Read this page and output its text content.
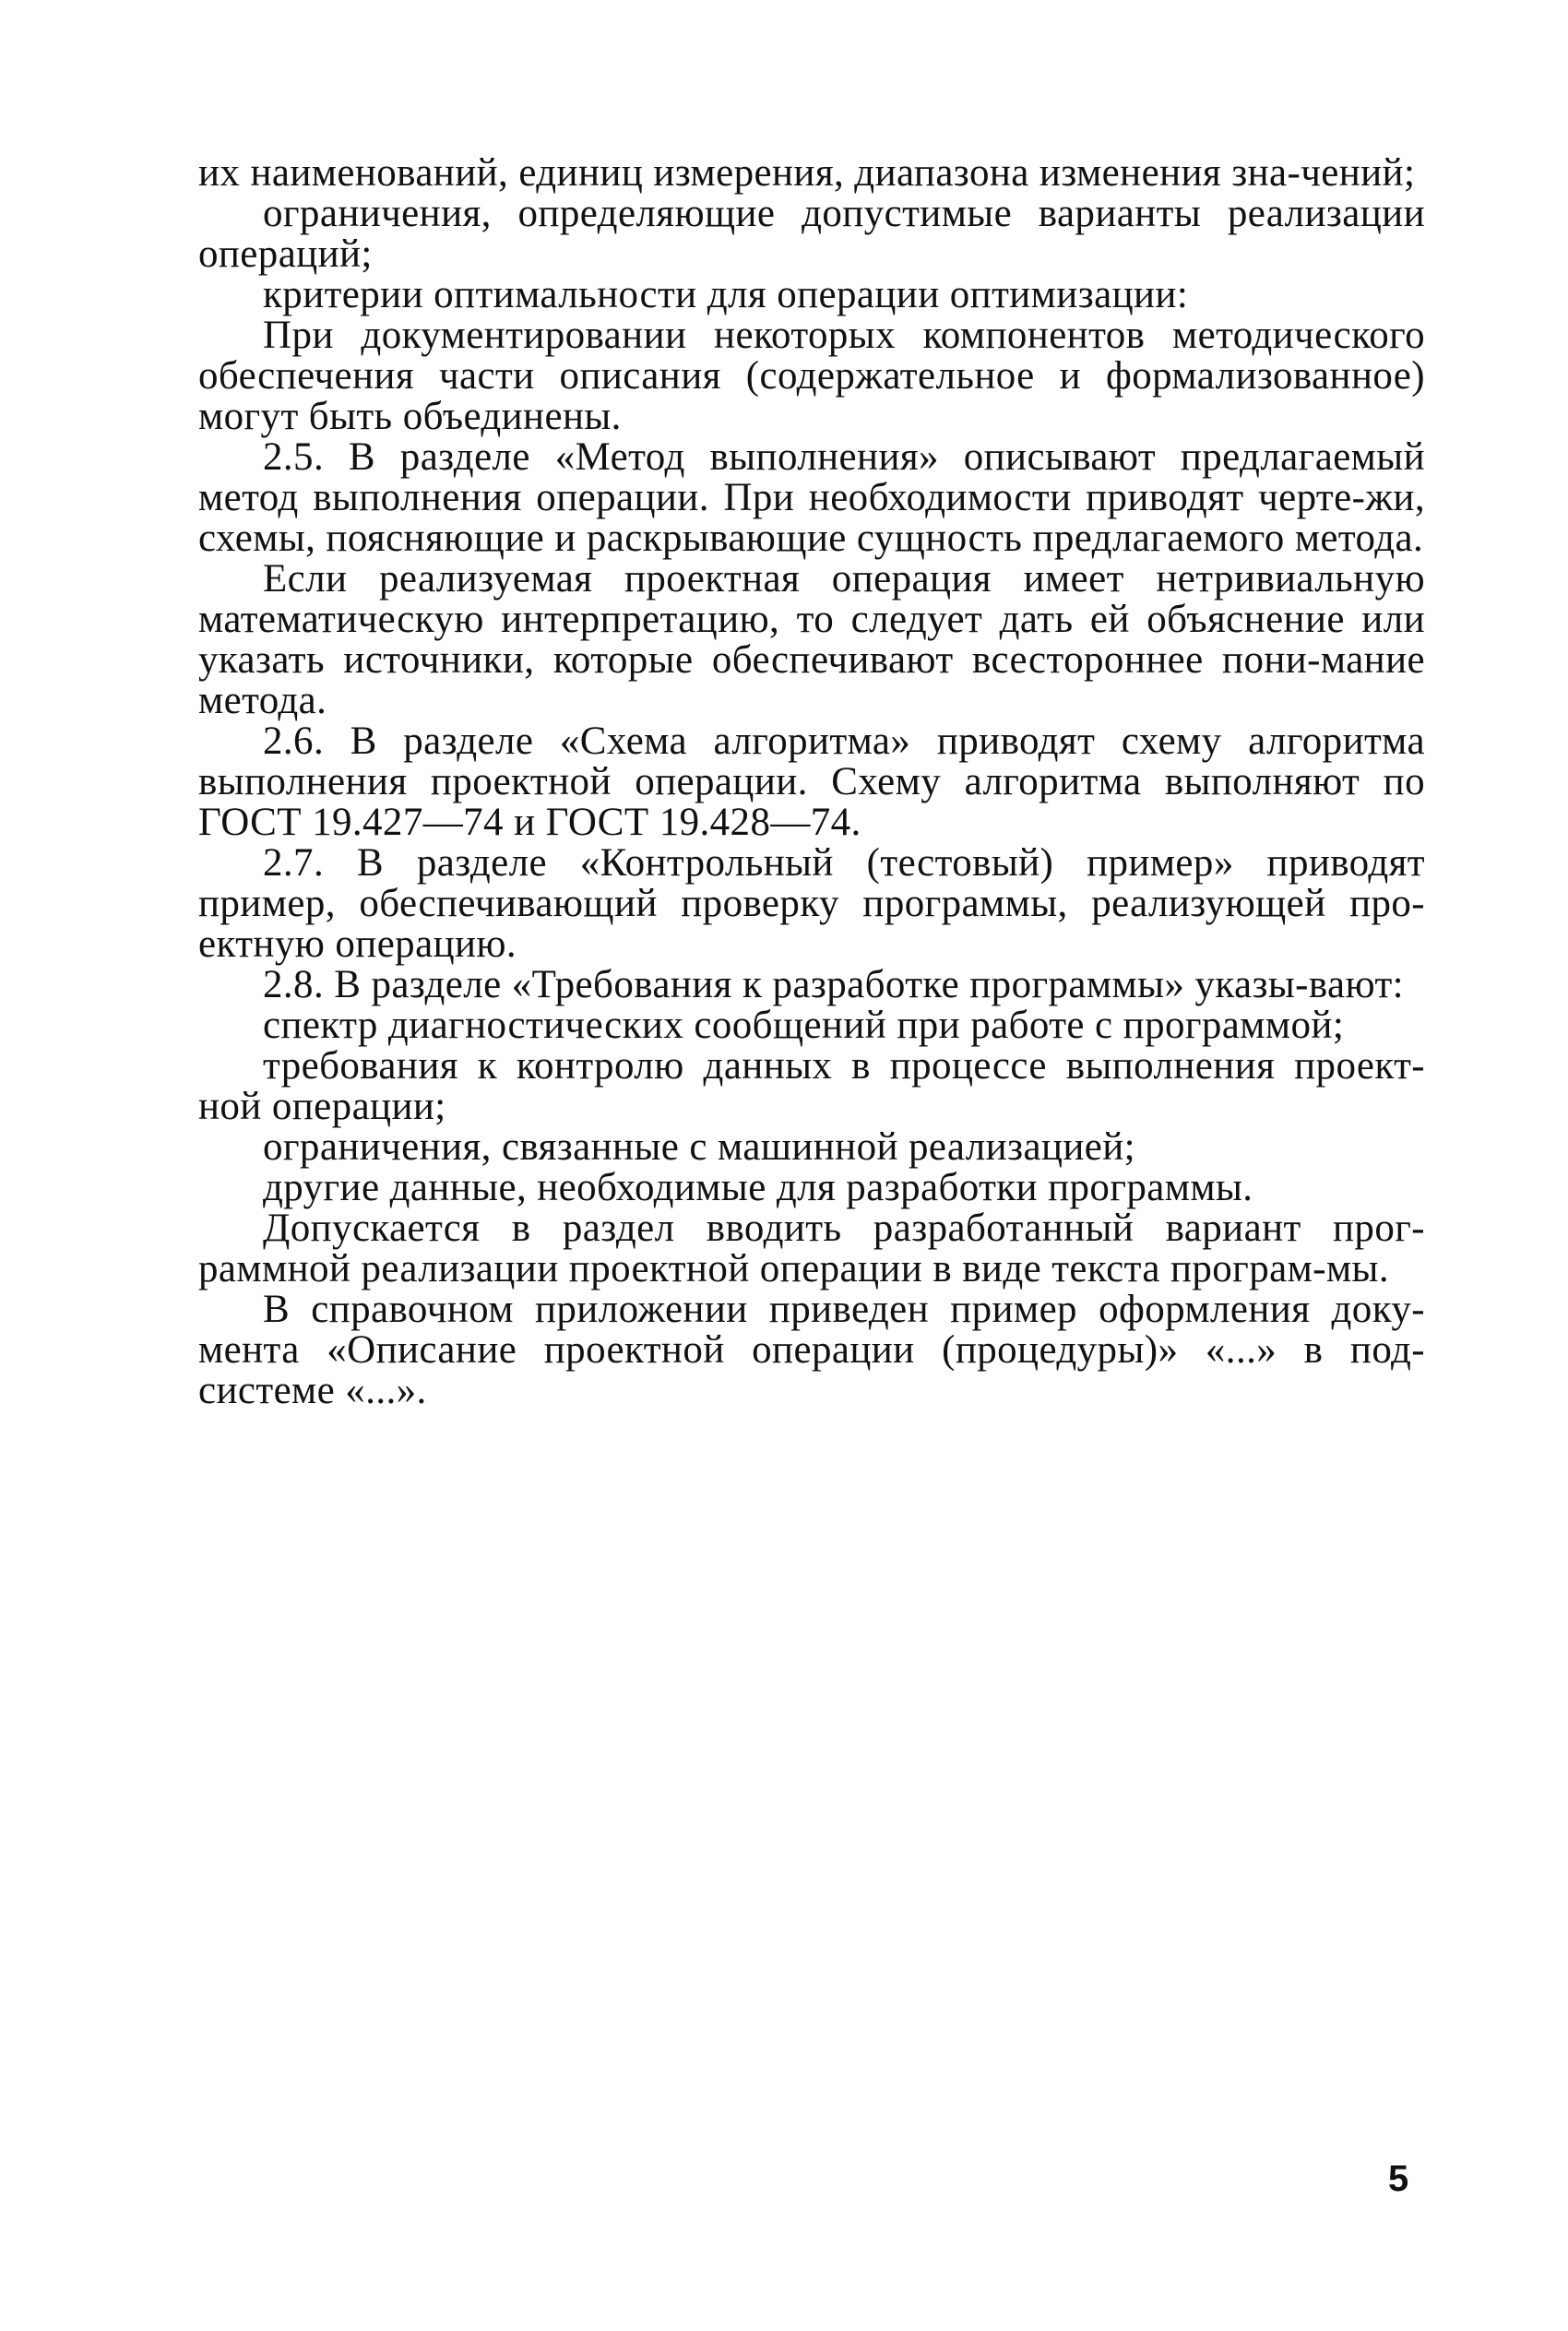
их наименований, единиц измерения, диапазона изменения зна-чений;

ограничения, определяющие допустимые варианты реализации операций;

критерии оптимальности для операции оптимизации:

При документировании некоторых компонентов методического обеспечения части описания (содержательное и формализованное) могут быть объединены.

2.5. В разделе «Метод выполнения» описывают предлагаемый метод выполнения операции. При необходимости приводят черте-жи, схемы, поясняющие и раскрывающие сущность предлагаемого метода.

Если реализуемая проектная операция имеет нетривиальную математическую интерпретацию, то следует дать ей объяснение или указать источники, которые обеспечивают всестороннее пони-мание метода.

2.6. В разделе «Схема алгоритма» приводят схему алгоритма выполнения проектной операции. Схему алгоритма выполняют по ГОСТ 19.427—74 и ГОСТ 19.428—74.

2.7. В разделе «Контрольный (тестовый) пример» приводят пример, обеспечивающий проверку программы, реализующей про-ектную операцию.

2.8. В разделе «Требования к разработке программы» указы-вают:

спектр диагностических сообщений при работе с программой;

требования к контролю данных в процессе выполнения проект-ной операции;

ограничения, связанные с машинной реализацией;

другие данные, необходимые для разработки программы.

Допускается в раздел вводить разработанный вариант прог-раммной реализации проектной операции в виде текста програм-мы.

В справочном приложении приведен пример оформления доку-мента «Описание проектной операции (процедуры)» «...» в под-системе «...».

5
